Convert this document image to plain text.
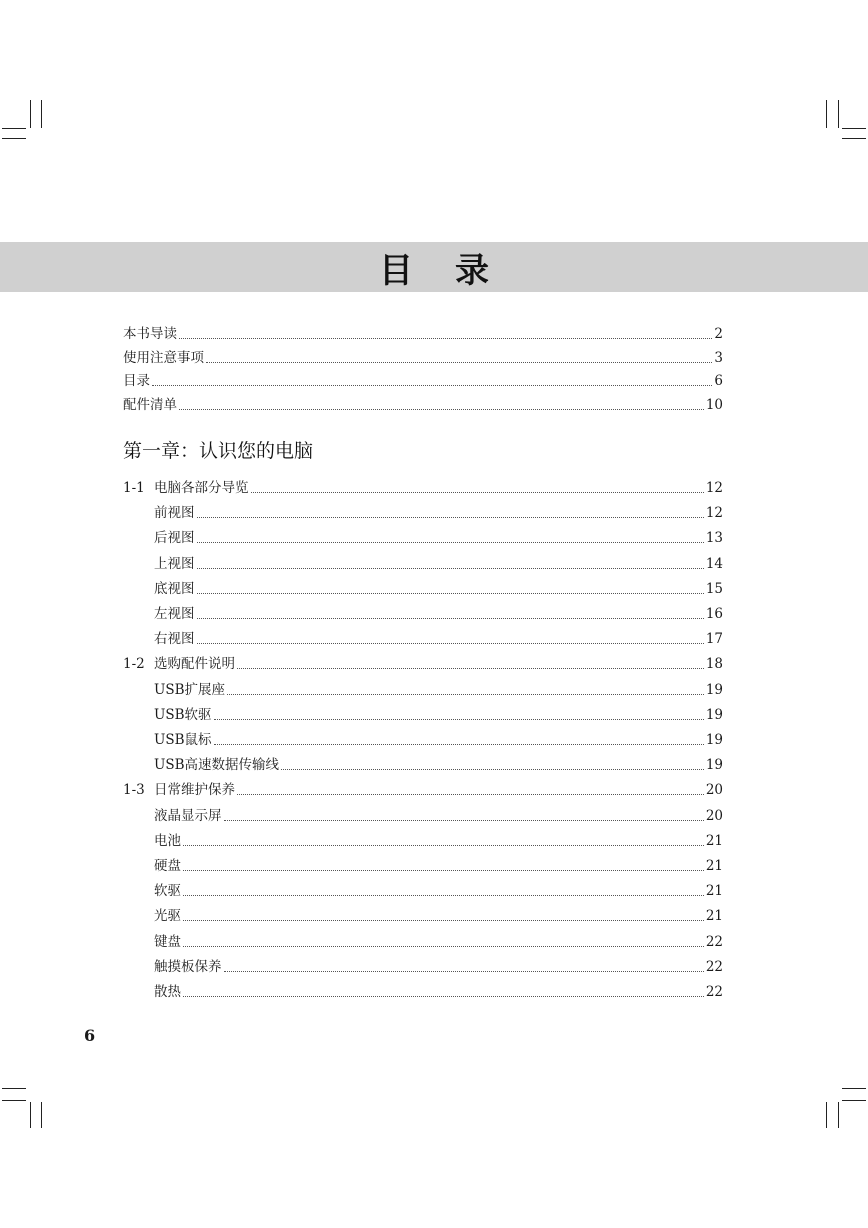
目录
本书导读	2
使用注意事项	3
目录	6
配件清单	10
第一章：认识您的电脑
1-1 电脑各部分导览	12
前视图	12
后视图	13
上视图	14
底视图	15
左视图	16
右视图	17
1-2 选购配件说明	18
USB扩展座	19
USB软驱	19
USB鼠标	19
USB高速数据传输线	19
1-3 日常维护保养	20
液晶显示屏	20
电池	21
硬盘	21
软驱	21
光驱	21
键盘	22
触摸板保养	22
散热	22
6
